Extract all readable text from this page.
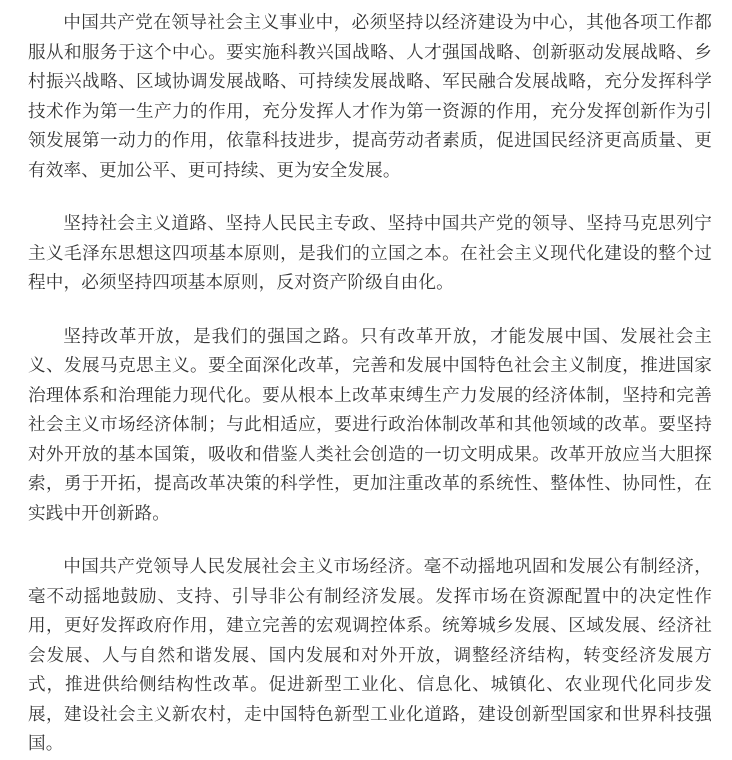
中国共产党在领导社会主义事业中，必须坚持以经济建设为中心，其他各项工作都服从和服务于这个中心。要实施科教兴国战略、人才强国战略、创新驱动发展战略、乡村振兴战略、区域协调发展战略、可持续发展战略、军民融合发展战略，充分发挥科学技术作为第一生产力的作用，充分发挥人才作为第一资源的作用，充分发挥创新作为引领发展第一动力的作用，依靠科技进步，提高劳动者素质，促进国民经济更高质量、更有效率、更加公平、更可持续、更为安全发展。

坚持社会主义道路、坚持人民民主专政、坚持中国共产党的领导、坚持马克思列宁主义毛泽东思想这四项基本原则，是我们的立国之本。在社会主义现代化建设的整个过程中，必须坚持四项基本原则，反对资产阶级自由化。

坚持改革开放，是我们的强国之路。只有改革开放，才能发展中国、发展社会主义、发展马克思主义。要全面深化改革，完善和发展中国特色社会主义制度，推进国家治理体系和治理能力现代化。要从根本上改革束缚生产力发展的经济体制，坚持和完善社会主义市场经济体制；与此相适应，要进行政治体制改革和其他领域的改革。要坚持对外开放的基本国策，吸收和借鉴人类社会创造的一切文明成果。改革开放应当大胆探索，勇于开拓，提高改革决策的科学性，更加注重改革的系统性、整体性、协同性，在实践中开创新路。

中国共产党领导人民发展社会主义市场经济。毫不动摇地巩固和发展公有制经济，毫不动摇地鼓励、支持、引导非公有制经济发展。发挥市场在资源配置中的决定性作用，更好发挥政府作用，建立完善的宏观调控体系。统筹城乡发展、区域发展、经济社会发展、人与自然和谐发展、国内发展和对外开放，调整经济结构，转变经济发展方式，推进供给侧结构性改革。促进新型工业化、信息化、城镇化、农业现代化同步发展，建设社会主义新农村，走中国特色新型工业化道路，建设创新型国家和世界科技强国。
